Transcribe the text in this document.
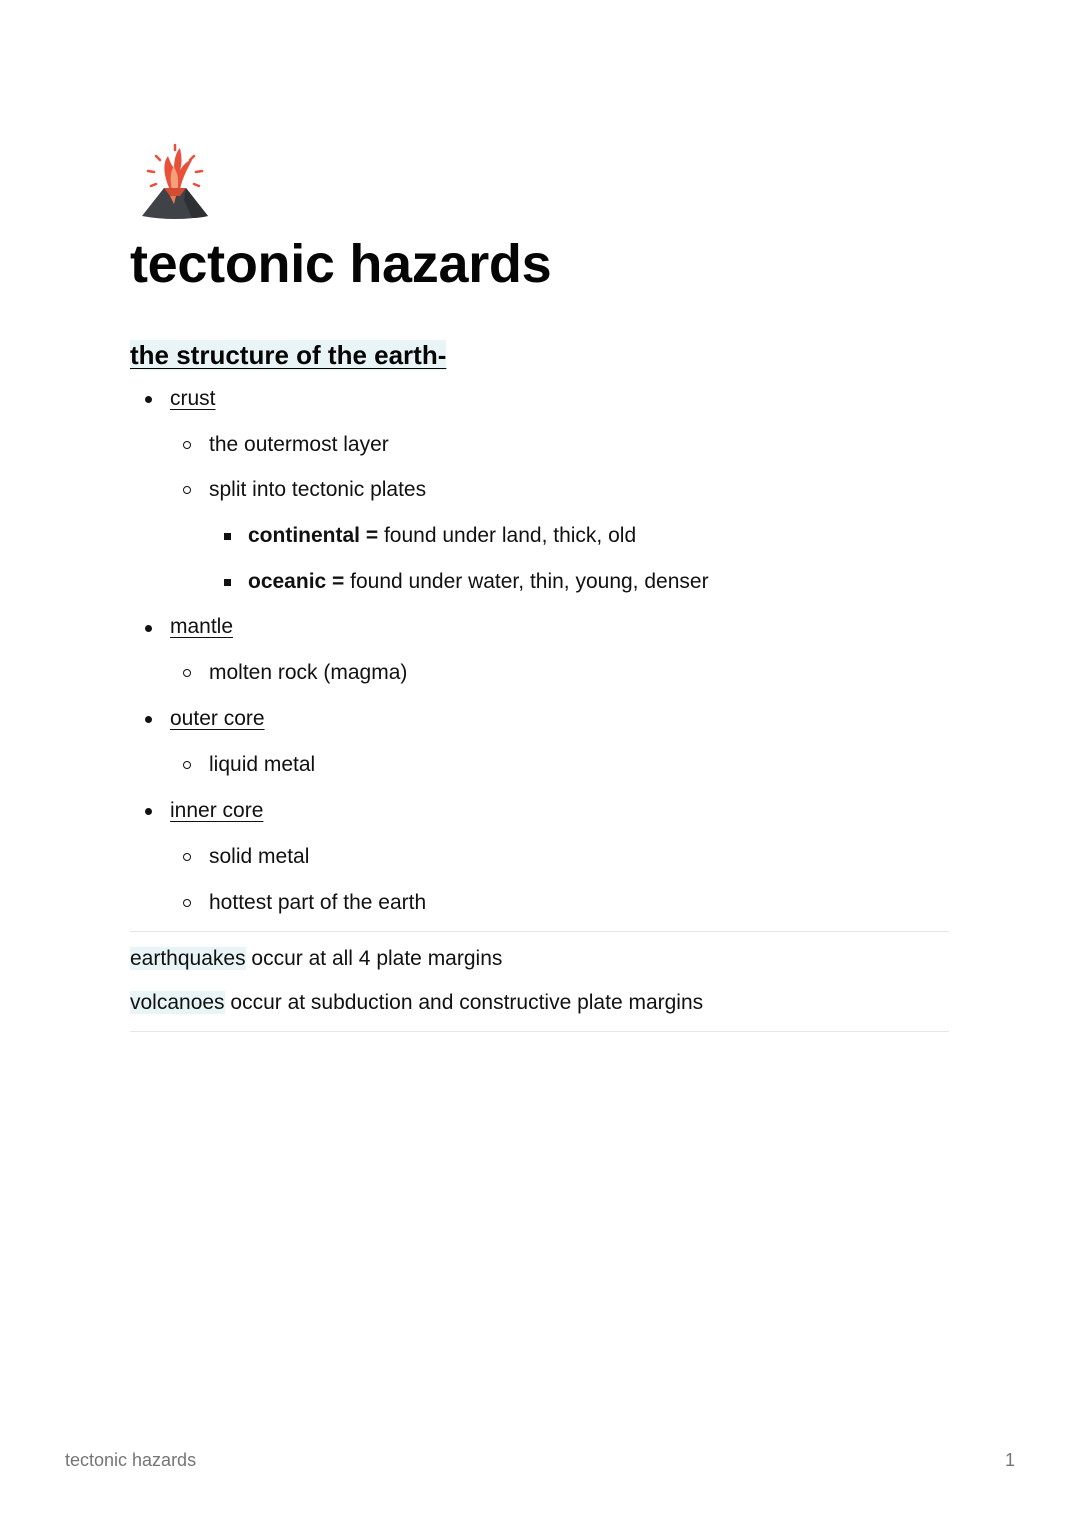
tectonic hazards
the structure of the earth-
crust
the outermost layer
split into tectonic plates
continental = found under land, thick, old
oceanic = found under water, thin, young, denser
mantle
molten rock (magma)
outer core
liquid metal
inner core
solid metal
hottest part of the earth
earthquakes occur at all 4 plate margins
volcanoes occur at subduction and constructive plate margins
tectonic hazards	1
